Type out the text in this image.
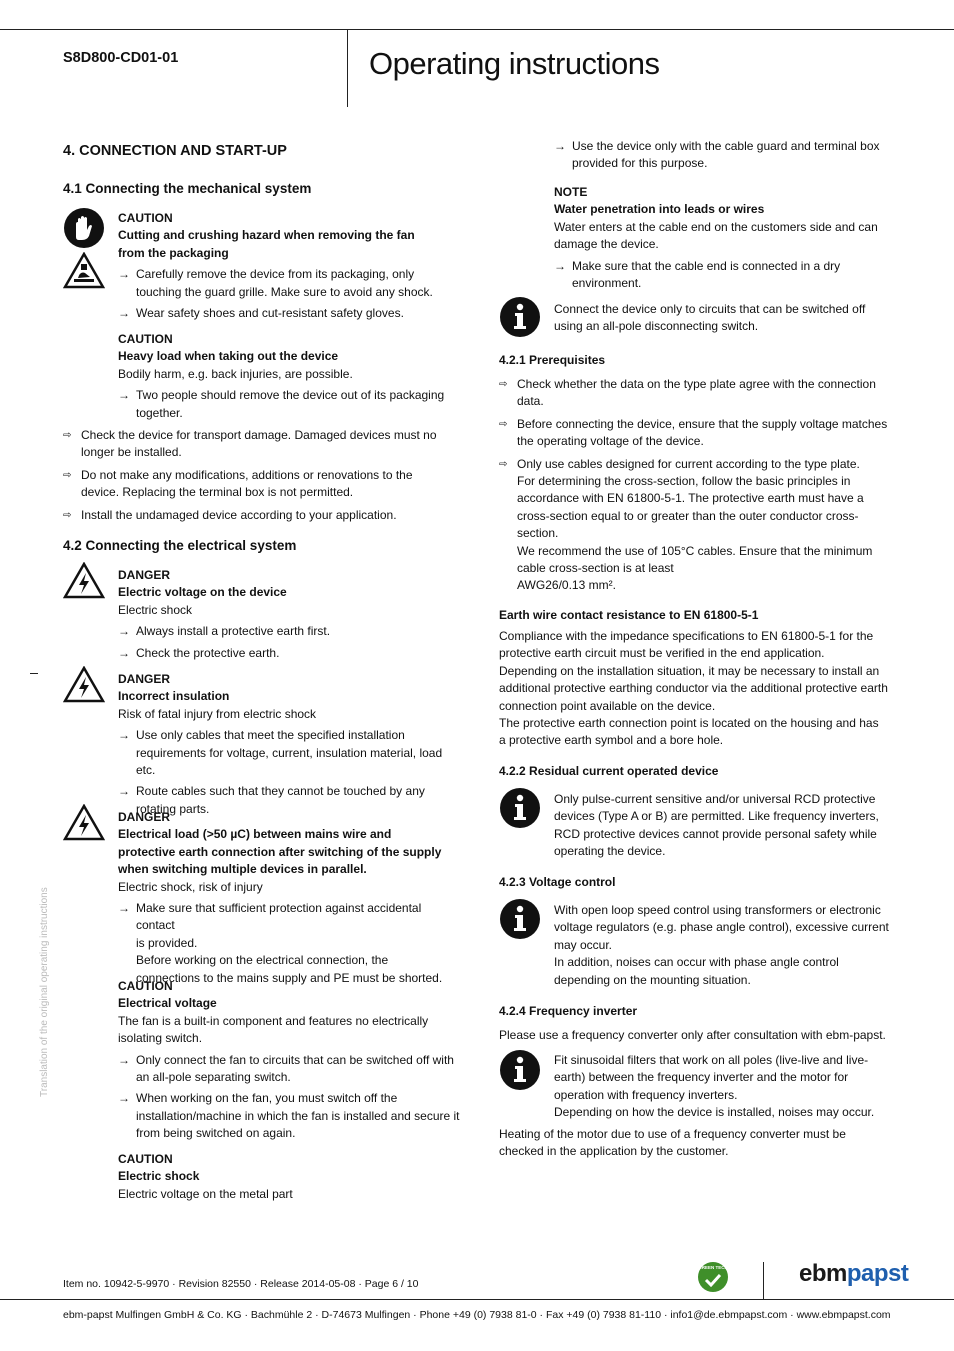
S8D800-CD01-01	Operating instructions
Translation of the original operating instructions
4. CONNECTION AND START-UP
4.1 Connecting the mechanical system

CAUTION

Cutting and crushing hazard when removing the fan

from the packaging

→ Carefully remove the device from its packaging, only
touching the guard grille. Make sure to avoid any shock.
→ Wear safety shoes and cut-resistant safety gloves.

CAUTION

Heavy load when taking out the device

Bodily harm, e.g. back injuries, are possible.

→ Two people should remove the device out of its packaging
together.
⇨ Check the device for transport damage. Damaged devices must no
longer be installed.
⇨ Do not make any modifications, additions or renovations to the
device. Replacing the terminal box is not permitted.
⇨ Install the undamaged device according to your application.
4.2 Connecting the electrical system

DANGER

Electric voltage on the device

Electric shock

→ Always install a protective earth first.
→ Check the protective earth.

DANGER

Incorrect insulation

Risk of fatal injury from electric shock

→ Use only cables that meet the specified installation
requirements for voltage, current, insulation material, load etc.
→ Route cables such that they cannot be touched by any
rotating parts.

DANGER

Electrical load (>50 µC) between mains wire and

protective earth connection after switching of the supply

when switching multiple devices in parallel.

Electric shock, risk of injury

→ Make sure that sufficient protection against accidental contact
is provided.
Before working on the electrical connection, the
connections to the mains supply and PE must be shorted.

CAUTION

Electrical voltage

The fan is a built-in component and features no electrically

isolating switch.

→ Only connect the fan to circuits that can be switched off with
an all-pole separating switch.
→ When working on the fan, you must switch off the
installation/machine in which the fan is installed and secure it
from being switched on again.

CAUTION

Electric shock

Electric voltage on the metal part

→ Use the device only with the cable guard and terminal box
provided for this purpose.

NOTE

Water penetration into leads or wires

Water enters at the cable end on the customers side and can

damage the device.

→ Make sure that the cable end is connected in a dry
environment.

Connect the device only to circuits that can be switched off

using an all-pole disconnecting switch.

4.2.1 Prerequisites
⇨ Check whether the data on the type plate agree with the connection
data.
⇨ Before connecting the device, ensure that the supply voltage matches
the operating voltage of the device.
⇨ Only use cables designed for current according to the type plate.
For determining the cross-section, follow the basic principles in
accordance with EN 61800-5-1. The protective earth must have a
cross-section equal to or greater than the outer conductor cross-
section.
We recommend the use of 105°C cables. Ensure that the minimum
cable cross-section is at least
AWG26/0.13 mm².
Earth wire contact resistance to EN 61800-5-1

Compliance with the impedance specifications to EN 61800-5-1 for the

protective earth circuit must be verified in the end application.

Depending on the installation situation, it may be necessary to install an

additional protective earthing conductor via the additional protective earth

connection point available on the device.

The protective earth connection point is located on the housing and has

a protective earth symbol and a bore hole.

4.2.2 Residual current operated device

Only pulse-current sensitive and/or universal RCD protective

devices (Type A or B) are permitted. Like frequency inverters,

RCD protective devices cannot provide personal safety while

operating the device.

4.2.3 Voltage control

With open loop speed control using transformers or electronic

voltage regulators (e.g. phase angle control), excessive current

may occur.

In addition, noises can occur with phase angle control

depending on the mounting situation.

4.2.4 Frequency inverter

Please use a frequency converter only after consultation with ebm-papst.

Fit sinusoidal filters that work on all poles (live-live and live-

earth) between the frequency inverter and the motor for

operation with frequency inverters.

Depending on how the device is installed, noises may occur.

Heating of the motor due to use of a frequency converter must be

checked in the application by the customer.

Item no. 10942-5-9970 · Revision 82550 · Release 2014-05-08 · Page 6 / 10
GREEN TECH	ebmpapst
ebm-papst Mulfingen GmbH & Co. KG · Bachmühle 2 · D-74673 Mulfingen · Phone +49 (0) 7938 81-0 · Fax +49 (0) 7938 81-110 · info1@de.ebmpapst.com · www.ebmpapst.com
